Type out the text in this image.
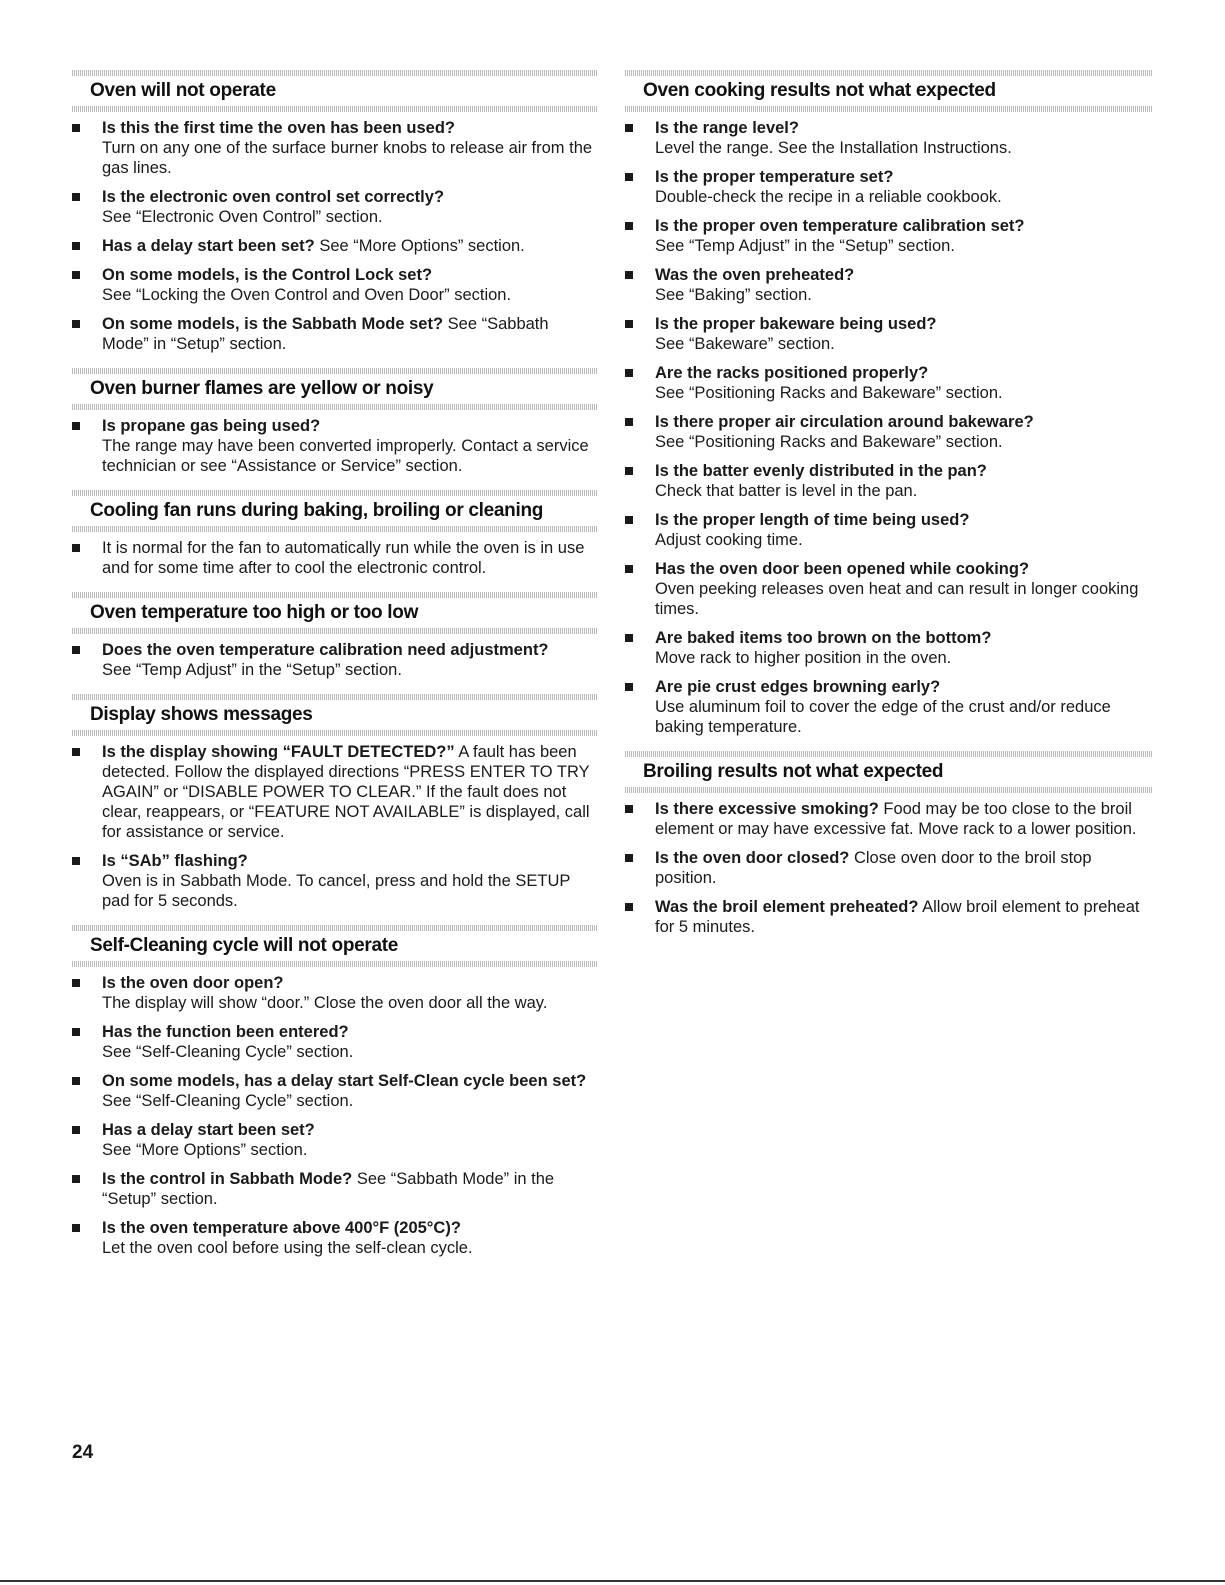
Oven will not operate
Is this the first time the oven has been used?
Turn on any one of the surface burner knobs to release air from the gas lines.
Is the electronic oven control set correctly?
See “Electronic Oven Control” section.
Has a delay start been set? See “More Options” section.
On some models, is the Control Lock set?
See “Locking the Oven Control and Oven Door” section.
On some models, is the Sabbath Mode set? See “Sabbath Mode” in “Setup” section.
Oven burner flames are yellow or noisy
Is propane gas being used?
The range may have been converted improperly. Contact a service technician or see “Assistance or Service” section.
Cooling fan runs during baking, broiling or cleaning
It is normal for the fan to automatically run while the oven is in use and for some time after to cool the electronic control.
Oven temperature too high or too low
Does the oven temperature calibration need adjustment?
See “Temp Adjust” in the “Setup” section.
Display shows messages
Is the display showing “FAULT DETECTED?” A fault has been detected. Follow the displayed directions “PRESS ENTER TO TRY AGAIN” or “DISABLE POWER TO CLEAR.” If the fault does not clear, reappears, or “FEATURE NOT AVAILABLE” is displayed, call for assistance or service.
Is “SAb” flashing?
Oven is in Sabbath Mode. To cancel, press and hold the SETUP pad for 5 seconds.
Self-Cleaning cycle will not operate
Is the oven door open?
The display will show “door.” Close the oven door all the way.
Has the function been entered?
See “Self-Cleaning Cycle” section.
On some models, has a delay start Self-Clean cycle been set?
See “Self-Cleaning Cycle” section.
Has a delay start been set?
See “More Options” section.
Is the control in Sabbath Mode? See “Sabbath Mode” in the “Setup” section.
Is the oven temperature above 400°F (205°C)?
Let the oven cool before using the self-clean cycle.
Oven cooking results not what expected
Is the range level?
Level the range. See the Installation Instructions.
Is the proper temperature set?
Double-check the recipe in a reliable cookbook.
Is the proper oven temperature calibration set?
See “Temp Adjust” in the “Setup” section.
Was the oven preheated?
See “Baking” section.
Is the proper bakeware being used?
See “Bakeware” section.
Are the racks positioned properly?
See “Positioning Racks and Bakeware” section.
Is there proper air circulation around bakeware?
See “Positioning Racks and Bakeware” section.
Is the batter evenly distributed in the pan?
Check that batter is level in the pan.
Is the proper length of time being used?
Adjust cooking time.
Has the oven door been opened while cooking?
Oven peeking releases oven heat and can result in longer cooking times.
Are baked items too brown on the bottom?
Move rack to higher position in the oven.
Are pie crust edges browning early?
Use aluminum foil to cover the edge of the crust and/or reduce baking temperature.
Broiling results not what expected
Is there excessive smoking? Food may be too close to the broil element or may have excessive fat. Move rack to a lower position.
Is the oven door closed? Close oven door to the broil stop position.
Was the broil element preheated? Allow broil element to preheat for 5 minutes.
24
